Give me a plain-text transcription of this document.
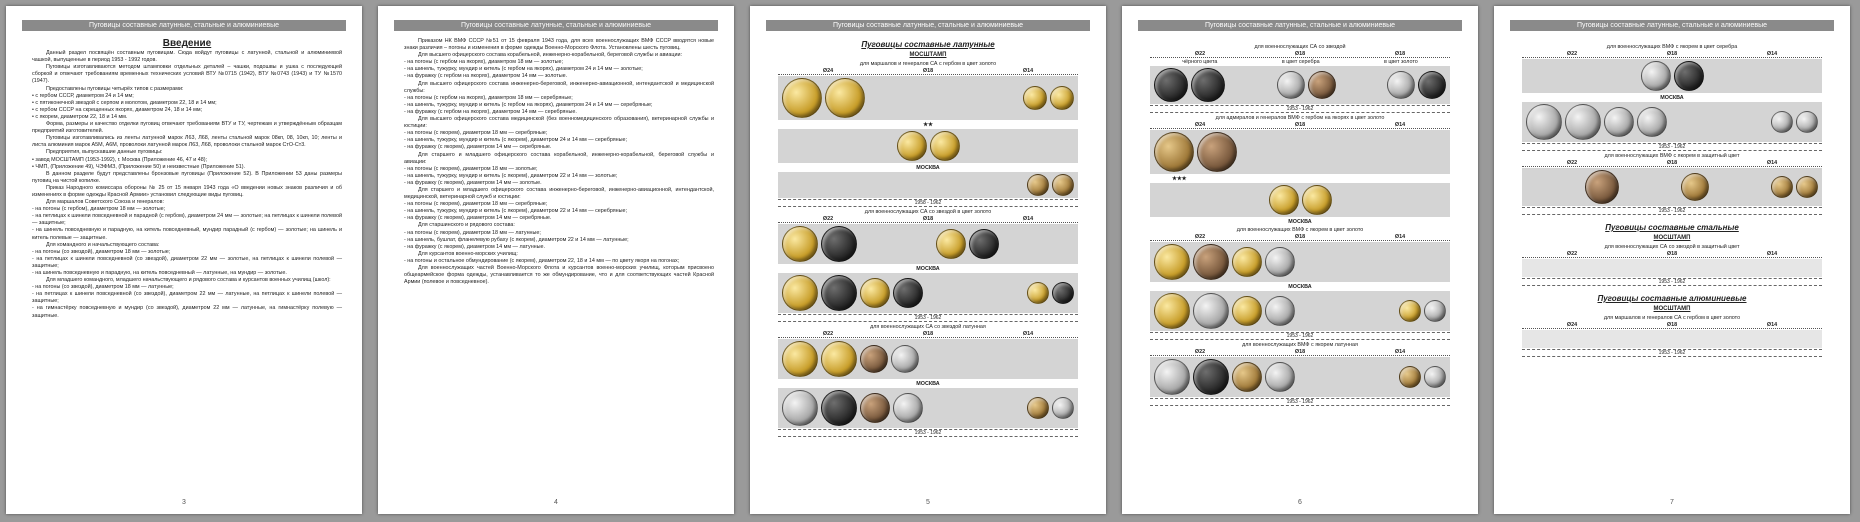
Пуговицы составные латунные, стальные и алюминиевые
Введение

Данный раздел посвящён составным пуговицам. Сюда войдут пуговицы с латунной, стальной и алюминиевой чашкой, выпущенные в период 1953 - 1992 годов.

Пуговицы изготавливаются методом штамповки отдельных деталей – чашки, подошвы и ушка с последующей сборкой и отвечают требованиям временных технических условий ВТУ №0715 (1942), ВТУ №0743 (1943) и ТУ №1570 (1947).

Предоставлены пуговицы четырёх типов с размерами:

• с гербом СССР, диаметром 24 и 14 мм;

• с пятиконечной звездой с серпом и молотом, диаметром 22, 18 и 14 мм;

• с гербом СССР на скрещенных якорях, диаметром 24, 18 и 14 мм;

• с якорем, диаметром 22, 18 и 14 мм.

Форма, размеры и качество отделки пуговиц отвечают требованиям ВТУ и ТУ, чертежам и утверждённым образцам предприятий изготовителей.

Пуговицы изготавливались из ленты латунной марок Л63, Л68, ленты стальной марок 08кп, 08, 10кп, 10; ленты и листа алюминия марок А5М, А6М, проволоки латунной марок Л63, Л68, проволоки стальной марок СтО-Ст3.

Предприятия, выпускавшие данные пуговицы:

• завод МОСШТАМП (1953-1992), г. Москва (Приложение 46, 47 и 48);

• ЧМП, (Приложение 49), ЧЭФМЗ, (Приложение 50) и неизвестные (Приложение 51).

В данном разделе будут представлены бронзовые пуговицы (Приложение 52). В Приложении 53 даны размеры пуговиц на чистой копилке.

Приказ Народного комиссара обороны № 25 от 15 января 1943 года «О введении новых знаков различия и об изменениях в форме одежды Красной Армии» установил следующие виды пуговиц.

Для маршалов Советского Союза и генералов:

- на погоны (с гербом), диаметром 18 мм — золотые;

- на петлицах к шинели повседневной и парадной (с гербом), диаметром 24 мм — золотые; на петлицах к шинели полевой — защитные;

- на шинель повседневную и парадную, на китель повседневный, мундир парадный (с гербом) — золотые; на шинель и китель полевые — защитные.

Для командного и начальствующего состава:

- на погоны (со звездой), диаметром 18 мм — золотые;

- на петлицах к шинели повседневной (со звездой), диаметром 22 мм — золотые, на петлицах к шинели полевой — защитные;

- на шинель повседневную и парадную, на китель повседневный — латунные, на мундир — золотые.

Для младшего командного, младшего начальствующего и рядового состава и курсантов военных училищ (школ):

- на погоны (со звездой), диаметром 18 мм — латунные;

- на петлицах к шинели повседневной (со звездой), диаметром 22 мм — латунные, на петлицах к шинели полевой — защитные;

- на гимнастёрку повседневную и мундир (со звездой), диаметром 22 мм — латунные, на гимнастёрку полевую — защитные.

3
Пуговицы составные латунные, стальные и алюминиевые

Приказом НК ВМФ СССР №51 от 15 февраля 1943 года, для всех военнослужащих ВМФ СССР вводятся новые знаки различия – погоны и изменения в форме одежды Военно-Морского Флота. Установлены шесть пуговиц.

Для высшего офицерского состава корабельной, инженерно-корабельной, береговой службы и авиации:

- на погоны (с гербом на якорях), диаметром 18 мм — золотые;

- на шинель, тужурку, мундир и китель (с гербом на якорях), диаметром 24 и 14 мм — золотые;

- на фуражку (с гербом на якорях), диаметром 14 мм — золотые.

Для высшего офицерского состава инженерно-береговой, инженерно-авиационной, интендантской и медицинской службы:

- на погоны (с гербом на якорях), диаметром 18 мм — серебряные;

- на шинель, тужурку, мундир и китель (с гербом на якорях), диаметром 24 и 14 мм — серебряные;

- на фуражку (с гербом на якорях), диаметром 14 мм — серебряные.

Для высшего офицерского состава медицинской (без военномедицинского образования), ветеринарной службы и юстиции:

- на погоны (с якорем), диаметром 18 мм — серебряные;

- на шинель, тужурку, мундир и китель (с якорем), диаметром 24 и 14 мм — серебряные;

- на фуражку (с якорем), диаметром 14 мм — серебряные.

Для старшего и младшего офицерского состава корабельной, инженерно-корабельной, береговой службы и авиации:

- на погоны (с якорем), диаметром 18 мм — золотые;

- на шинель, тужурку, мундир и китель (с якорем), диаметром 22 и 14 мм — золотые;

- на фуражку (с якорем), диаметром 14 мм — золотые.

Для старшего и младшего офицерского состава инженерно-береговой, инженерно-авиационной, интендантской, медицинской, ветеринарной служб и юстиции:

- на погоны (с якорем), диаметром 18 мм — серебряные;

- на шинель, тужурку, мундир и китель (с якорем), диаметром 22 и 14 мм — серебряные;

- на фуражку (с якорем), диаметром 14 мм — серебряные.

Для старшинского и рядового состава:

- на погоны (с якорем), диаметром 18 мм — латунные;

- на шинель, бушлат, фланелевую рубаху (с якорем), диаметром 22 и 14 мм — латунные;

- на фуражку (с якорем), диаметром 14 мм — латунные.

Для курсантов военно-морских училищ:

- на погоны и остальное обмундирование (с якорем), диаметром 22, 18 и 14 мм — по цвету якоря на погонах;

Для военнослужащих частей Военно-Морского Флота и курсантов военно-морских училищ, которым присвоено общеармейское форма одежды, устанавливается то же обмундирование, что и для соответствующих частей Красной Армии (полевое и повседневное).

4
Пуговицы составные латунные, стальные и алюминиевые
Пуговицы составные латунные
МОСШТАМП
для маршалов и генералов СА с гербом в цвет золото
Ø24	Ø18	Ø14
★★
МОСКВА
1958 - 1962
для военнослужащих СА со звездой в цвет золото
Ø22	Ø18	Ø14
МОСКВА
1953 - 1962
для военнослужащих СА со звездой латунная
Ø22	Ø18	Ø14
МОСКВА
1953 - 1962
5
Пуговицы составные латунные, стальные и алюминиевые
для военнослужащих СА со звездой
Ø22	Ø18	Ø18
чёрного цвета	в цвет серебра	в цвет золото
1953 - 1962
для адмиралов и генералов ВМФ с гербом на якорях в цвет золото
Ø24	Ø18	Ø14
★★★
МОСКВА
для военнослужащих ВМФ с якорем в цвет золото
Ø22	Ø18	Ø14
МОСКВА
1953 - 1962
для военнослужащих ВМФ с якорем латунная
Ø22	Ø18	Ø14
1953 - 1962
6
Пуговицы составные латунные, стальные и алюминиевые
для военнослужащих ВМФ с якорем в цвет серебра
Ø22	Ø18	Ø14
МОСКВА
1953 - 1962
для военнослужащих ВМФ с якорем в защитный цвет
Ø22	Ø18	Ø14
1953 - 1962
Пуговицы составные стальные
МОСШТАМП
для военнослужащих СА со звездой в защитный цвет
Ø22	Ø18	Ø14
1953 - 1962
Пуговицы составные алюминиевые
МОСШТАМП
для маршалов и генералов СА с гербом в цвет золото
Ø24	Ø18	Ø14
1953 - 1962
7
